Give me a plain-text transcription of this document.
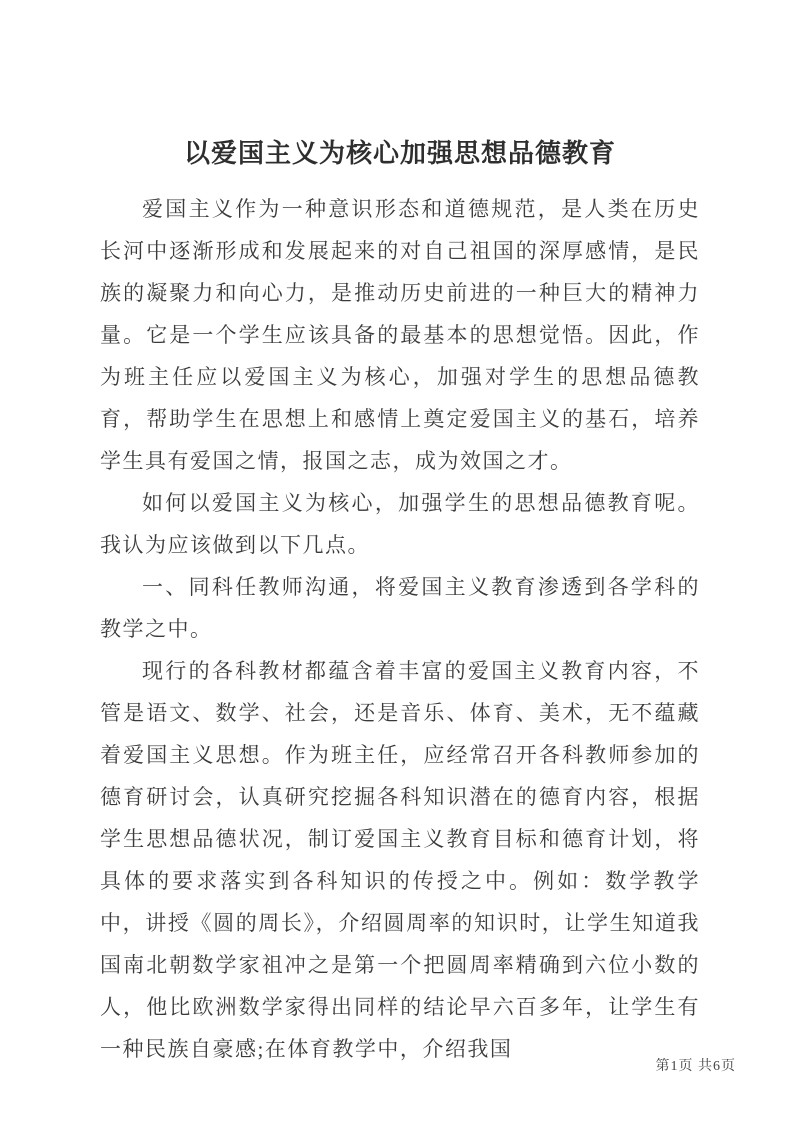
以爱国主义为核心加强思想品德教育

爱国主义作为一种意识形态和道德规范，是人类在历史长河中逐渐形成和发展起来的对自己祖国的深厚感情，是民族的凝聚力和向心力，是推动历史前进的一种巨大的精神力量。它是一个学生应该具备的最基本的思想觉悟。因此，作为班主任应以爱国主义为核心，加强对学生的思想品德教育，帮助学生在思想上和感情上奠定爱国主义的基石，培养学生具有爱国之情，报国之志，成为效国之才。

如何以爱国主义为核心，加强学生的思想品德教育呢。我认为应该做到以下几点。

一、同科任教师沟通，将爱国主义教育渗透到各学科的教学之中。

现行的各科教材都蕴含着丰富的爱国主义教育内容，不管是语文、数学、社会，还是音乐、体育、美术，无不蕴藏着爱国主义思想。作为班主任，应经常召开各科教师参加的德育研讨会，认真研究挖掘各科知识潜在的德育内容，根据学生思想品德状况，制订爱国主义教育目标和德育计划，将具体的要求落实到各科知识的传授之中。例如：数学教学中，讲授《圆的周长》，介绍圆周率的知识时，让学生知道我国南北朝数学家祖冲之是第一个把圆周率精确到六位小数的人，他比欧洲数学家得出同样的结论早六百多年，让学生有一种民族自豪感;在体育教学中，介绍我国

第1页 共6页
